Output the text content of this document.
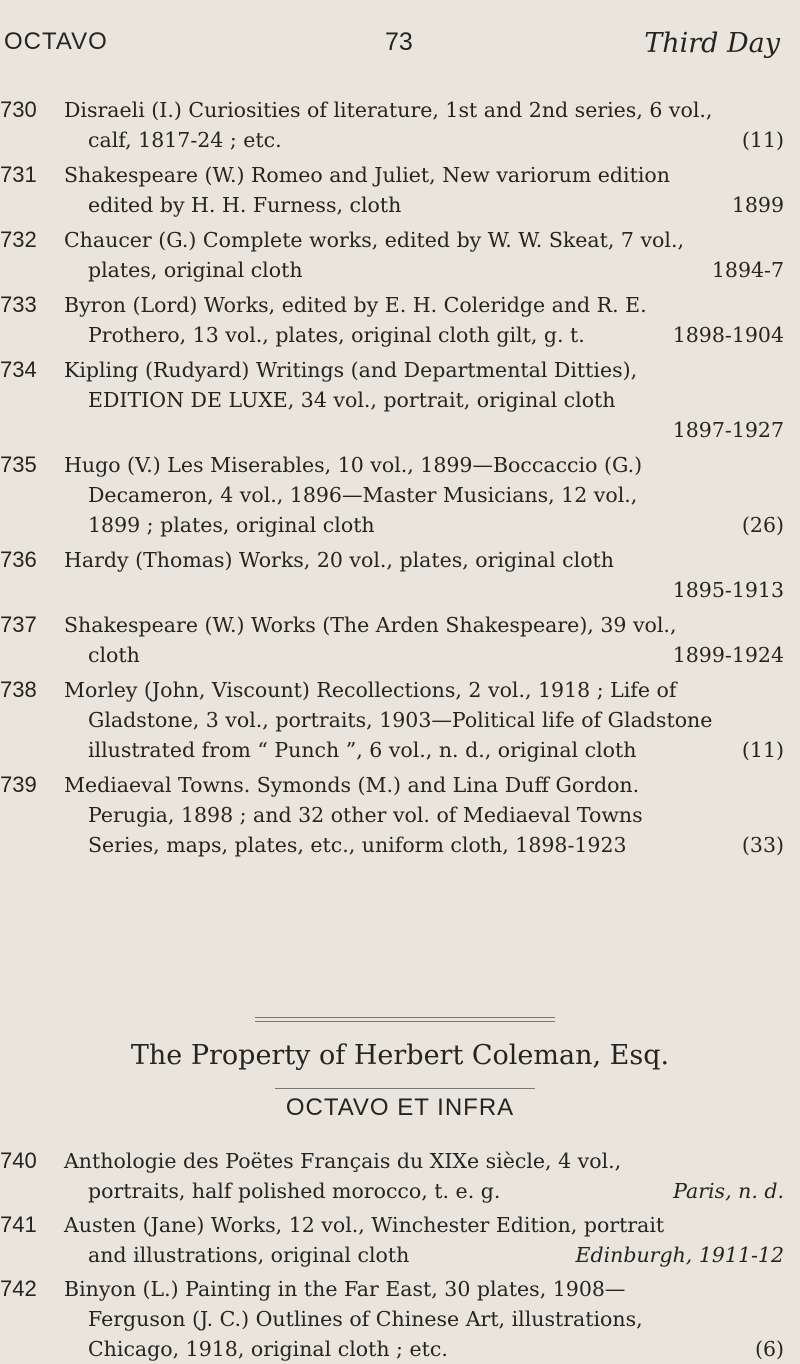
OCTAVO	73	Third Day
730	Disraeli (I.) Curiosities of literature, 1st and 2nd series, 6 vol.,
calf, 1817-24 ; etc.	(11)
731	Shakespeare (W.) Romeo and Juliet, New variorum edition
edited by H. H. Furness, cloth	1899
732	Chaucer (G.) Complete works, edited by W. W. Skeat, 7 vol.,
plates, original cloth	1894-7
733	Byron (Lord) Works, edited by E. H. Coleridge and R. E.
Prothero, 13 vol., plates, original cloth gilt, g. t.	1898-1904
734	Kipling (Rudyard) Writings (and Departmental Ditties),
EDITION DE LUXE, 34 vol., portrait, original cloth
1897-1927
735	Hugo (V.) Les Miserables, 10 vol., 1899—Boccaccio (G.)
Decameron, 4 vol., 1896—Master Musicians, 12 vol.,
1899 ; plates, original cloth	(26)
736	Hardy (Thomas) Works, 20 vol., plates, original cloth
1895-1913
737	Shakespeare (W.) Works (The Arden Shakespeare), 39 vol.,
cloth	1899-1924
738	Morley (John, Viscount) Recollections, 2 vol., 1918 ; Life of
Gladstone, 3 vol., portraits, 1903—Political life of Gladstone
illustrated from “ Punch ”, 6 vol., n. d., original cloth	(11)
739	Mediaeval Towns. Symonds (M.) and Lina Duff Gordon.
Perugia, 1898 ; and 32 other vol. of Mediaeval Towns
Series, maps, plates, etc., uniform cloth, 1898-1923	(33)
The Property of Herbert Coleman, Esq.
OCTAVO ET INFRA
740	Anthologie des Poëtes Français du XIXe siècle, 4 vol.,
portraits, half polished morocco, t. e. g.	Paris, n. d.
741	Austen (Jane) Works, 12 vol., Winchester Edition, portrait
and illustrations, original cloth	Edinburgh, 1911-12
742	Binyon (L.) Painting in the Far East, 30 plates, 1908—
Ferguson (J. C.) Outlines of Chinese Art, illustrations,
Chicago, 1918, original cloth ; etc.	(6)
